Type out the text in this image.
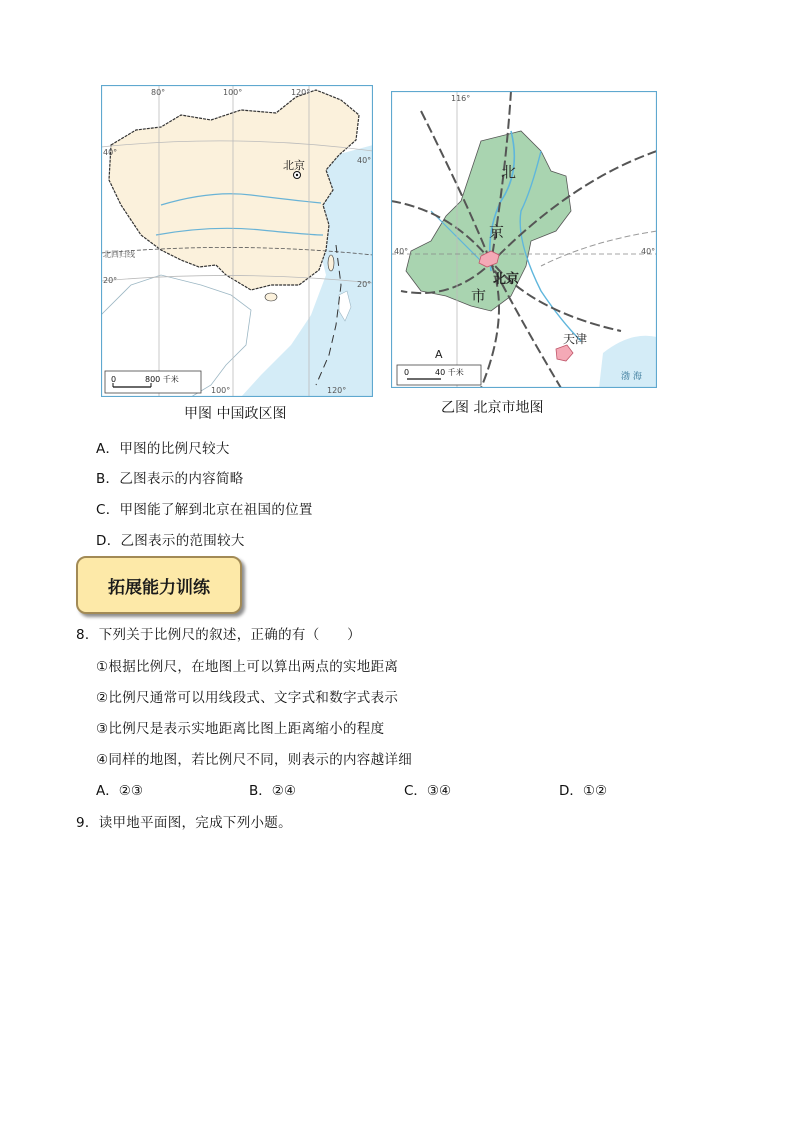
80°	100°	120°
40°
20°
40°
20°
北回归线
北京
100°	120°
0	800 千米
甲图 中国政区图
116°
40°	40°
北
京
市
北京
天津
A
渤 海
0	40 千米
乙图 北京市地图
A．甲图的比例尺较大
B．乙图表示的内容简略
C．甲图能了解到北京在祖国的位置
D．乙图表示的范围较大
拓展能力训练
8．下列关于比例尺的叙述，正确的有（　　）
①根据比例尺，在地图上可以算出两点的实地距离
②比例尺通常可以用线段式、文字式和数字式表示
③比例尺是表示实地距离比图上距离缩小的程度
④同样的地图，若比例尺不同，则表示的内容越详细
A．②③	B．②④	C．③④	D．①②
9．读甲地平面图，完成下列小题。
